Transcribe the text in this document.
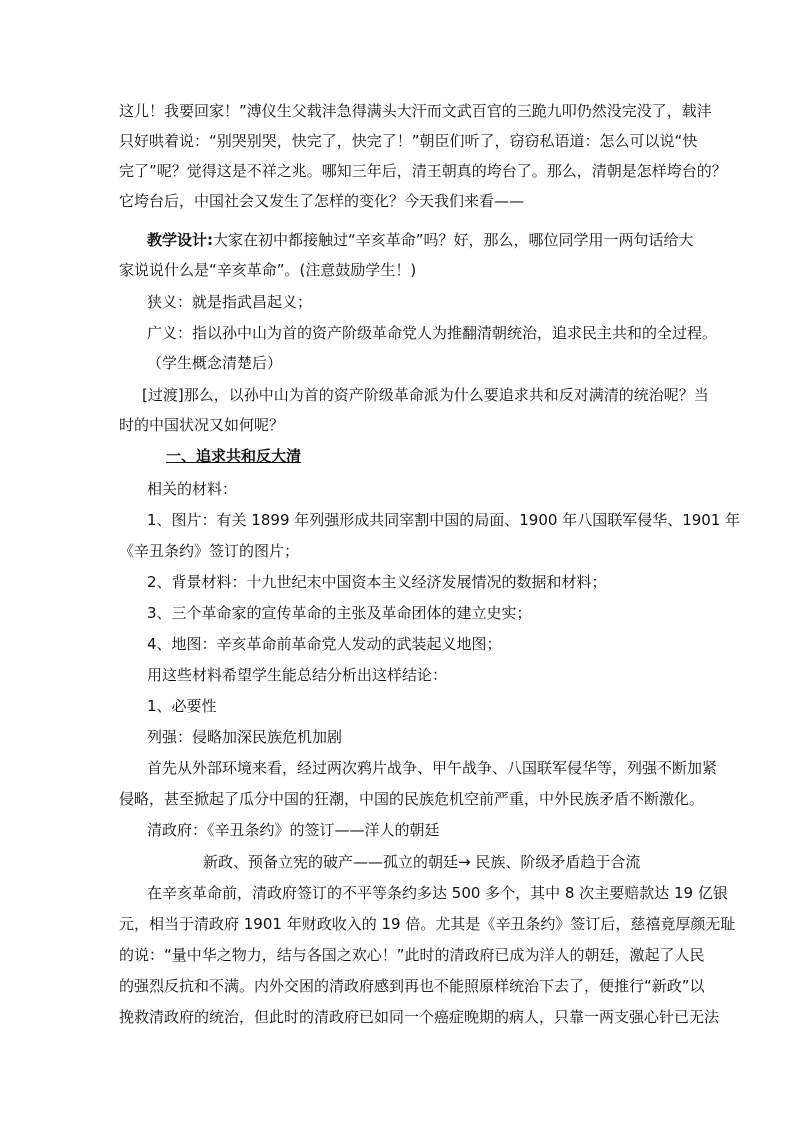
这儿！我要回家！”溥仪生父载沣急得满头大汗而文武百官的三跪九叩仍然没完没了，载沣
只好哄着说：“别哭别哭，快完了，快完了！”朝臣们听了，窃窃私语道：怎么可以说“快
完了”呢？觉得这是不祥之兆。哪知三年后，清王朝真的垮台了。那么，清朝是怎样垮台的？
它垮台后，中国社会又发生了怎样的变化？今天我们来看——
教学设计:大家在初中都接触过“辛亥革命”吗？好，那么，哪位同学用一两句话给大
家说说什么是“辛亥革命”。(注意鼓励学生！)
狭义：就是指武昌起义；
广义：指以孙中山为首的资产阶级革命党人为推翻清朝统治，追求民主共和的全过程。
（学生概念清楚后）
[过渡]那么，以孙中山为首的资产阶级革命派为什么要追求共和反对满清的统治呢？当
时的中国状况又如何呢？
一、追求共和反大清
相关的材料：
1、图片：有关 1899 年列强形成共同宰割中国的局面、1900 年八国联军侵华、1901 年
《辛丑条约》签订的图片；
2、背景材料：十九世纪末中国资本主义经济发展情况的数据和材料；
3、三个革命家的宣传革命的主张及革命团体的建立史实；
4、地图：辛亥革命前革命党人发动的武装起义地图；
用这些材料希望学生能总结分析出这样结论：
1、必要性
列强：侵略加深民族危机加剧
首先从外部环境来看，经过两次鸦片战争、甲午战争、八国联军侵华等，列强不断加紧
侵略，甚至掀起了瓜分中国的狂潮，中国的民族危机空前严重，中外民族矛盾不断激化。
清政府：《辛丑条约》的签订——洋人的朝廷
新政、预备立宪的破产——孤立的朝廷→ 民族、阶级矛盾趋于合流
在辛亥革命前，清政府签订的不平等条约多达 500 多个，其中 8 次主要赔款达 19 亿银
元，相当于清政府 1901 年财政收入的 19 倍。尤其是《辛丑条约》签订后，慈禧竟厚颜无耻
的说：“量中华之物力，结与各国之欢心！”此时的清政府已成为洋人的朝廷，激起了人民
的强烈反抗和不满。内外交困的清政府感到再也不能照原样统治下去了，便推行“新政”以
挽救清政府的统治，但此时的清政府已如同一个癌症晚期的病人，只靠一两支强心针已无法
